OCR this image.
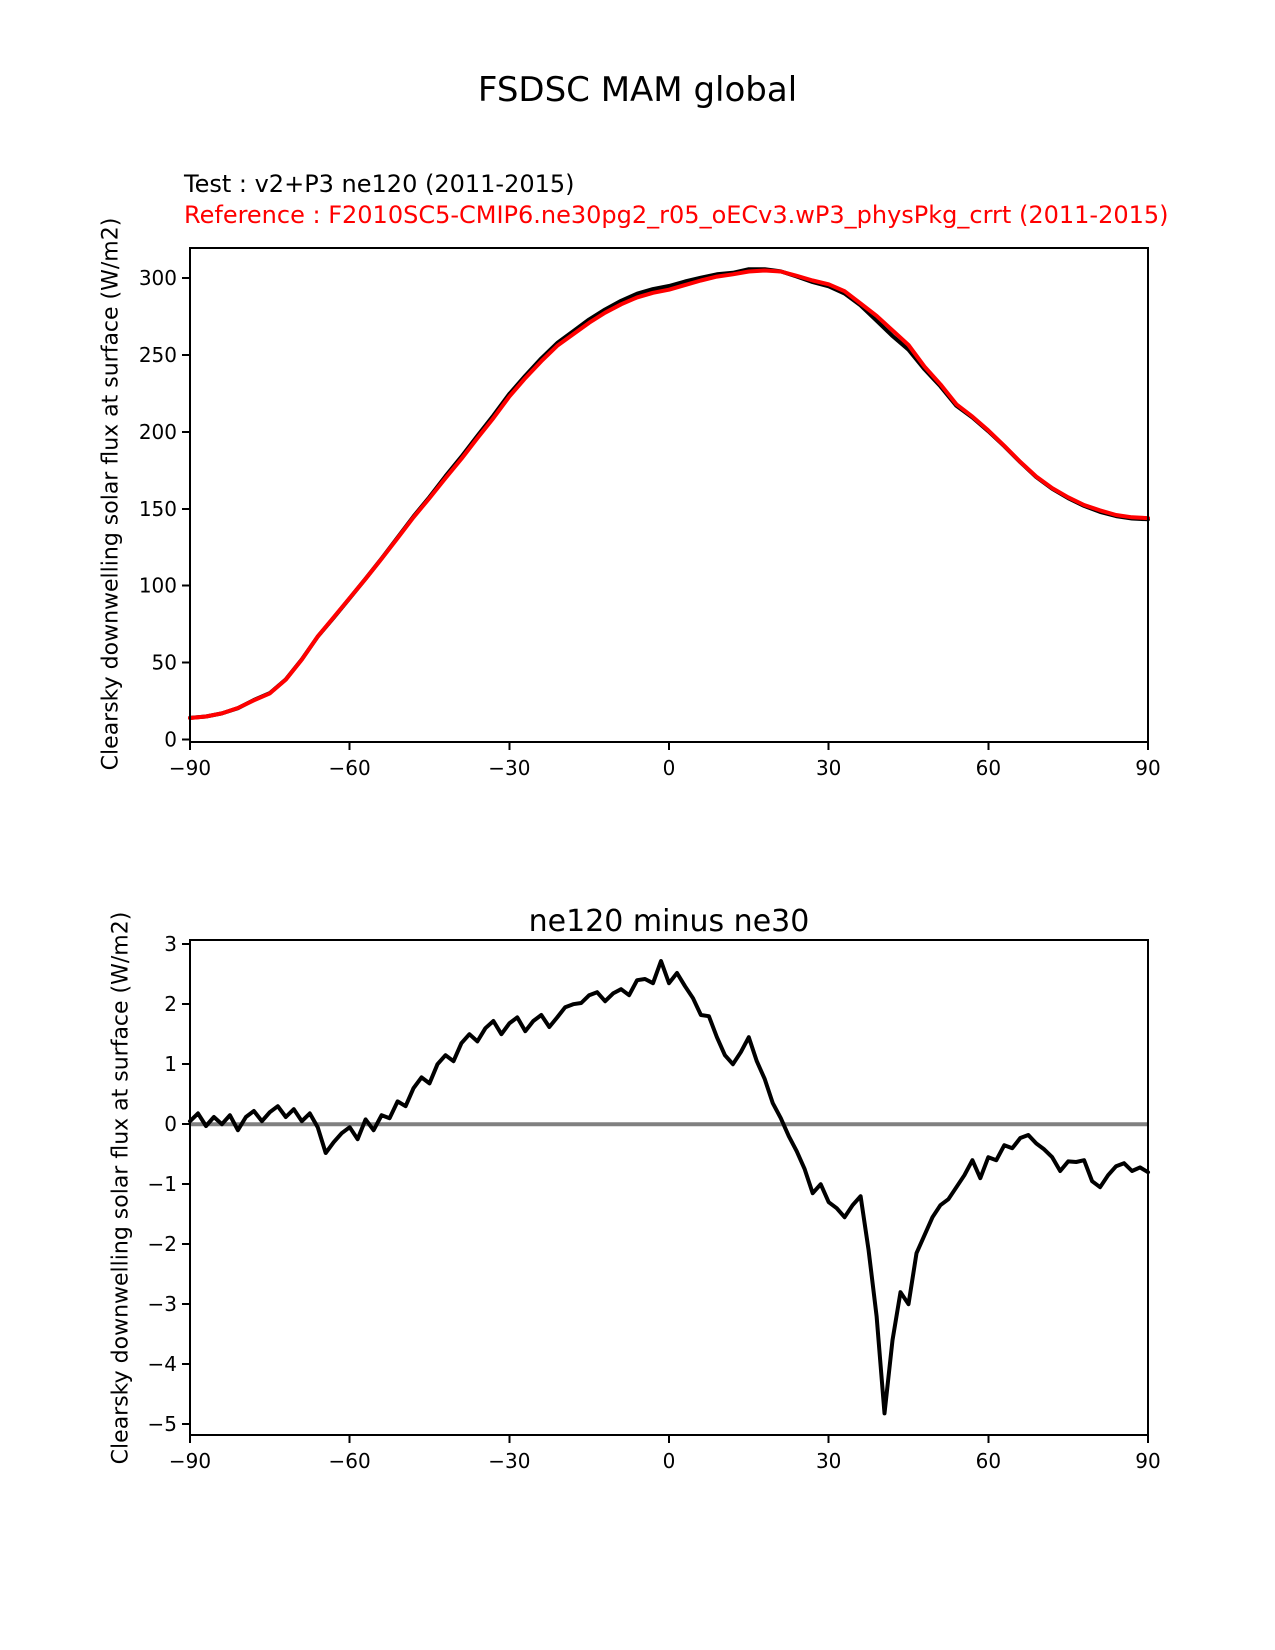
FSDSC MAM global
Test : v2+P3 ne120 (2011-2015)
Reference : F2010SC5-CMIP6.ne30pg2_r05_oECv3.wP3_physPkg_crrt (2011-2015)
Clearsky downwelling solar flux at surface (W/m2)
Clearsky downwelling solar flux at surface (W/m2)	ne120 minus ne30
−90	−60	−30	0	30	60	90
0
50
100
150
200
250
300
−90	−60	−30	0	30	60	90
3
2
1
0
−1
−2
−3
−4
−5
